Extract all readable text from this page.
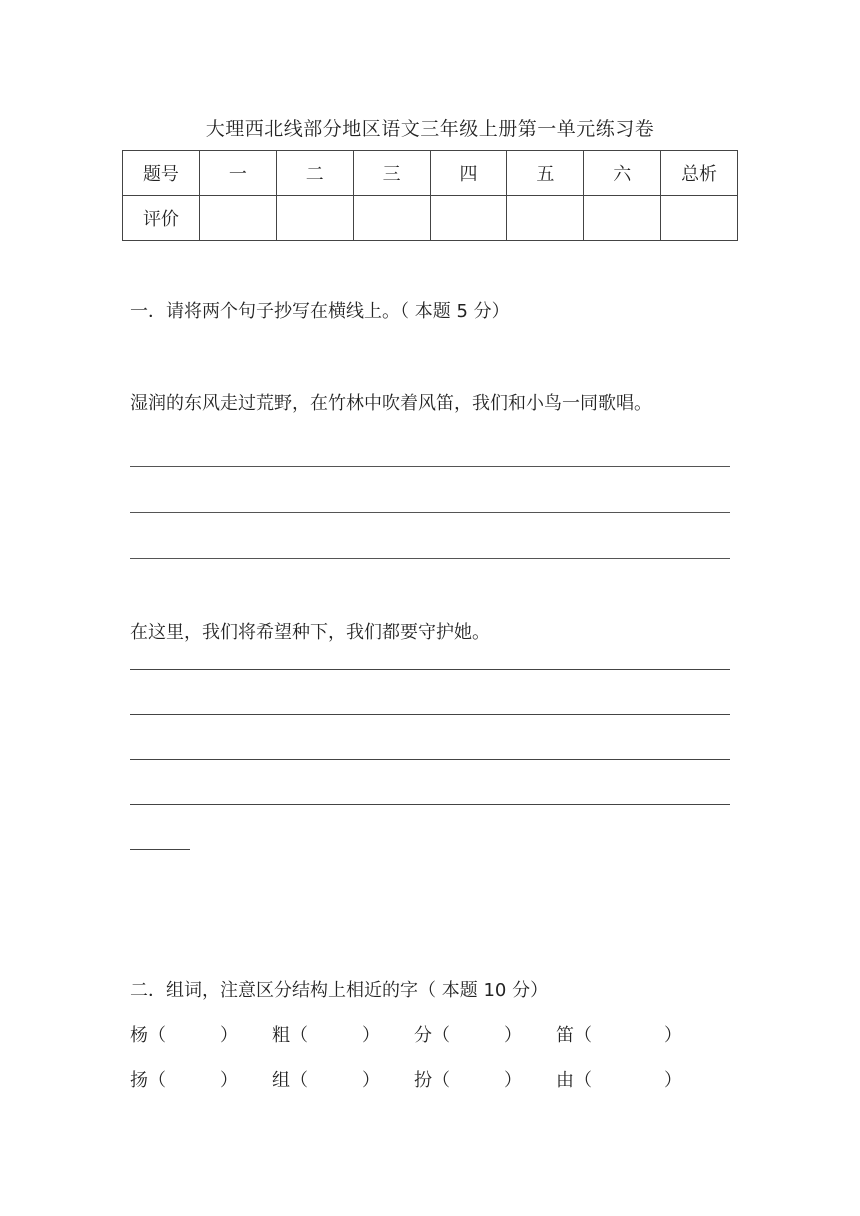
大理西北线部分地区语文三年级上册第一单元练习卷
题号	一	二	三	四	五	六	总析
评价							
一．请将两个句子抄写在横线上。（ 本题 5 分）
湿润的东风走过荒野，在竹林中吹着风笛，我们和小鸟一同歌唱。
在这里，我们将希望种下，我们都要守护她。
二．组词，注意区分结构上相近的字（ 本题 10 分）
杨（　　　） 粗（　　　） 分（　　　） 笛（　　　　）
扬（　　　） 组（　　　） 扮（　　　） 由（　　　　）
